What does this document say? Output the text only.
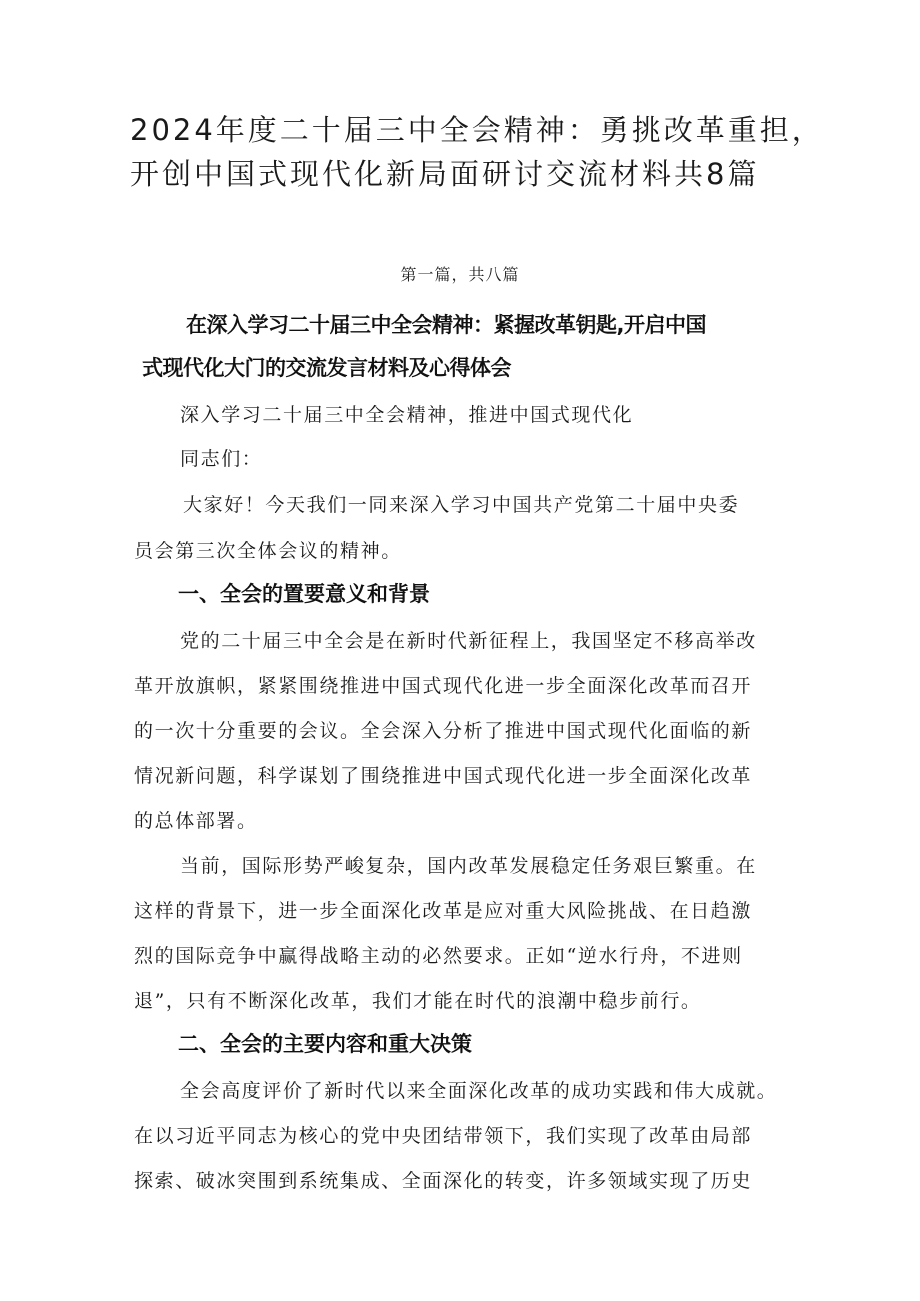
2024年度二十届三中全会精神：勇挑改革重担，
开创中国式现代化新局面研讨交流材料共8篇
第一篇，共八篇
在深入学习二十届三中全会精神：紧握改革钥匙,开启中国
式现代化大门的交流发言材料及心得体会
深入学习二十届三中全会精神，推进中国式现代化
同志们：
大家好！今天我们一同来深入学习中国共产党第二十届中央委
员会第三次全体会议的精神。
一、全会的置要意义和背景
党的二十届三中全会是在新时代新征程上，我国坚定不移高举改
革开放旗帜，紧紧围绕推进中国式现代化进一步全面深化改革而召开
的一次十分重要的会议。全会深入分析了推进中国式现代化面临的新
情况新问题，科学谋划了围绕推进中国式现代化进一步全面深化改革
的总体部署。
当前，国际形势严峻复杂，国内改革发展稳定任务艰巨繁重。在
这样的背景下，进一步全面深化改革是应对重大风险挑战、在日趋激
烈的国际竞争中赢得战略主动的必然要求。正如“逆水行舟，不进则
退”，只有不断深化改革，我们才能在时代的浪潮中稳步前行。
二、全会的主要内容和重大决策
全会高度评价了新时代以来全面深化改革的成功实践和伟大成就。
在以习近平同志为核心的党中央团结带领下，我们实现了改革由局部
探索、破冰突围到系统集成、全面深化的转变，许多领域实现了历史
